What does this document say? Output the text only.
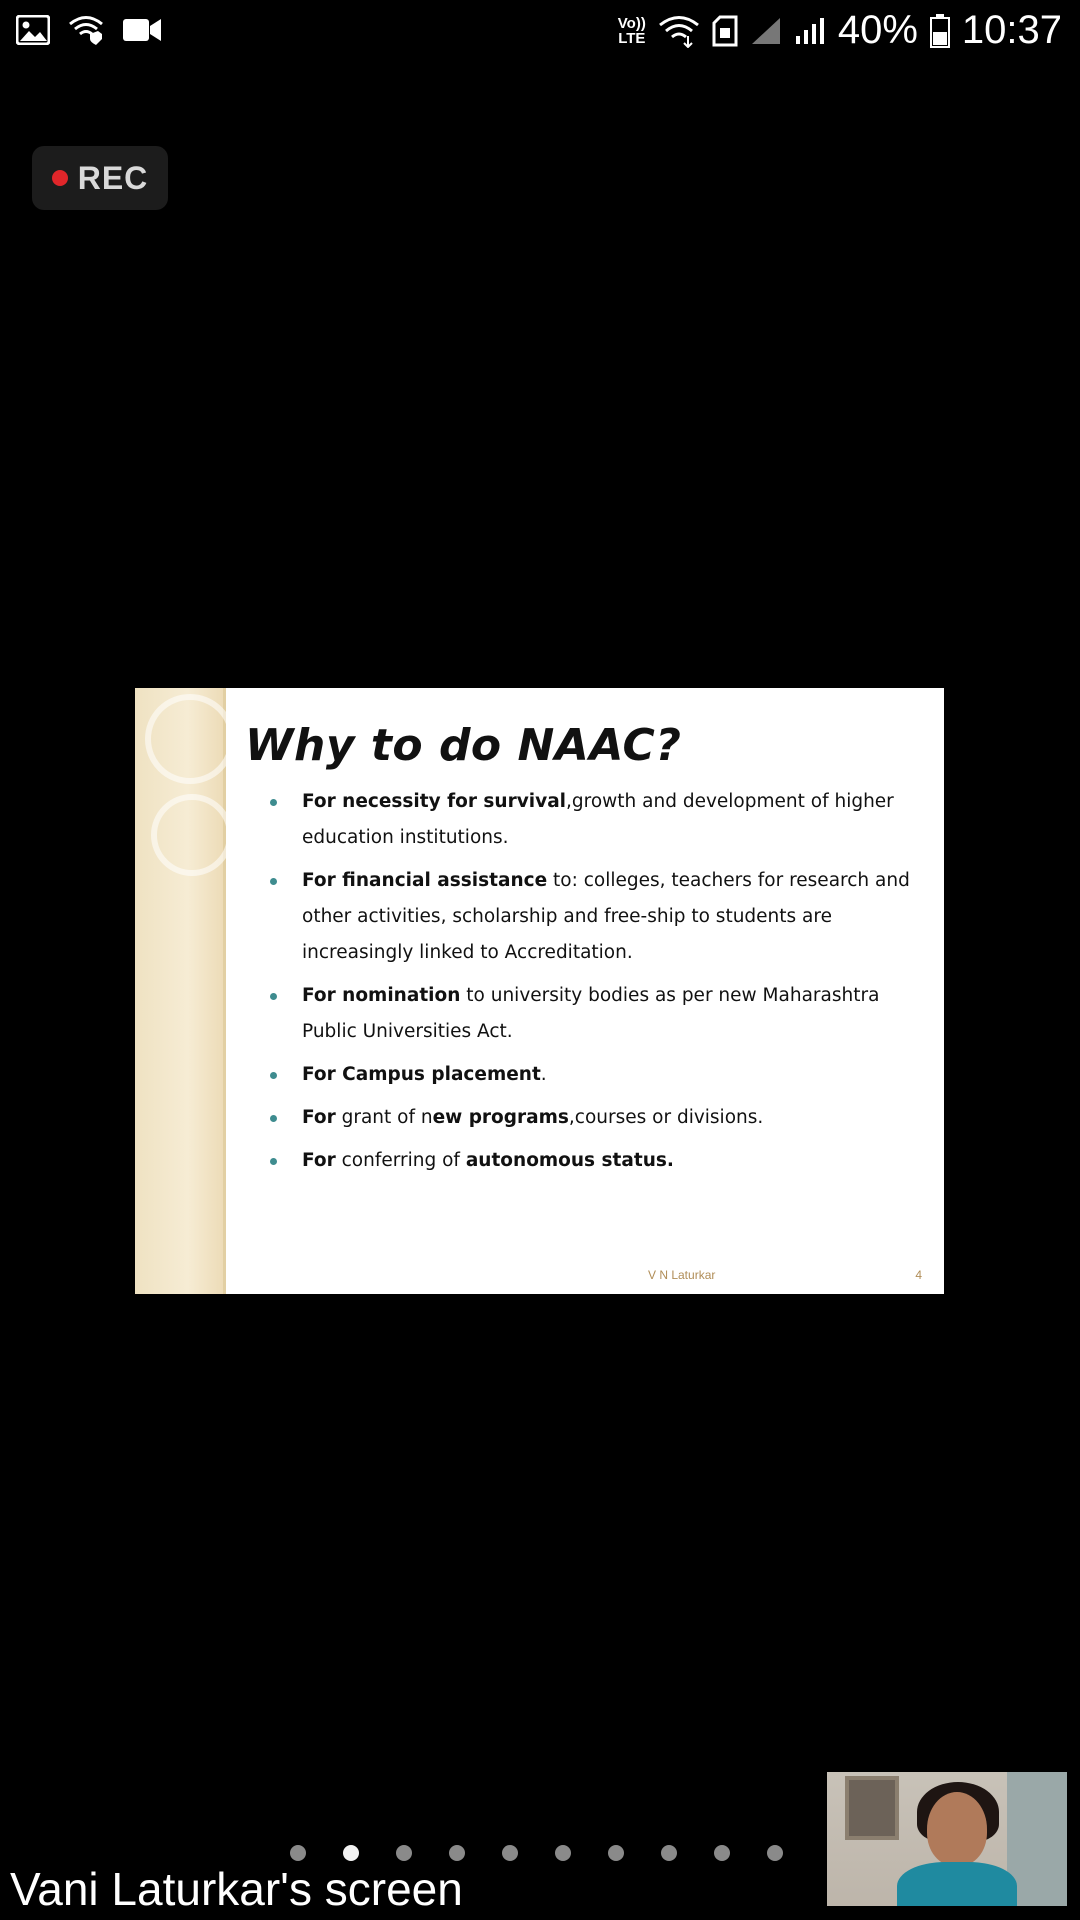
Vo))
LTE	40% 10:37
REC
Why to do NAAC?
For necessity for survival,growth and development of higher education institutions.
For financial assistance to: colleges, teachers for research and other activities, scholarship and free-ship to students are increasingly linked to Accreditation.
For nomination to university bodies as per new Maharashtra Public Universities Act.
For Campus placement.
For grant of new programs,courses or divisions.
For conferring of autonomous status.
V N Laturkar	4
Vani Laturkar's screen
